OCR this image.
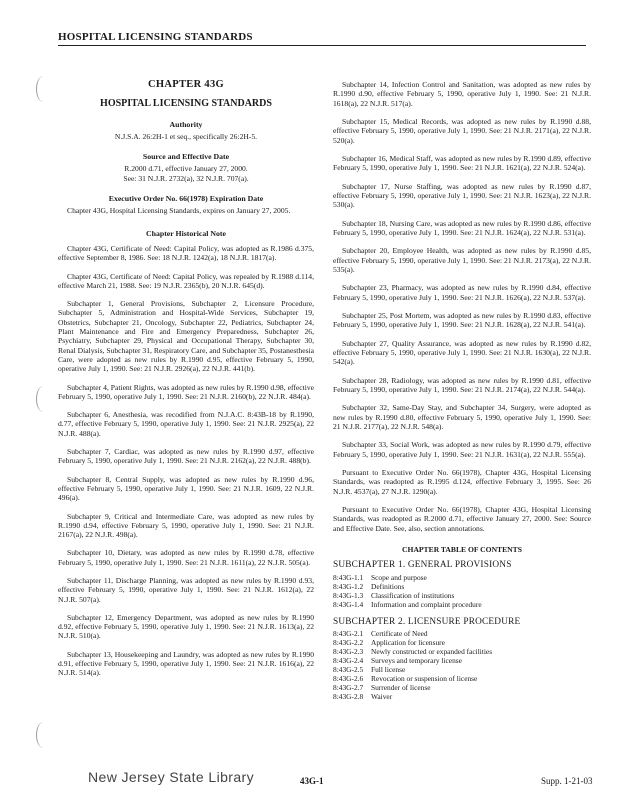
HOSPITAL LICENSING STANDARDS
CHAPTER 43G
HOSPITAL LICENSING STANDARDS
Authority
N.J.S.A. 26:2H-1 et seq., specifically 26:2H-5.
Source and Effective Date
R.2000 d.71, effective January 27, 2000.
See: 31 N.J.R. 2732(a), 32 N.J.R. 707(a).
Executive Order No. 66(1978) Expiration Date

Chapter 43G, Hospital Licensing Standards, expires on January 27, 2005.

Chapter Historical Note

Chapter 43G, Certificate of Need: Capital Policy, was adopted as R.1986 d.375, effective September 8, 1986. See: 18 N.J.R. 1242(a), 18 N.J.R. 1817(a).

Chapter 43G, Certificate of Need: Capital Policy, was repealed by R.1988 d.114, effective March 21, 1988. See: 19 N.J.R. 2365(b), 20 N.J.R. 645(d).

Subchapter 1, General Provisions, Subchapter 2, Licensure Procedure, Subchapter 5, Administration and Hospital-Wide Services, Subchapter 19, Obstetrics, Subchapter 21, Oncology, Subchapter 22, Pediatrics, Subchapter 24, Plant Maintenance and Fire and Emergency Preparedness, Subchapter 26, Psychiatry, Subchapter 29, Physical and Occupational Therapy, Subchapter 30, Renal Dialysis, Subchapter 31, Respiratory Care, and Subchapter 35, Postanesthesia Care, were adopted as new rules by R.1990 d.95, effective February 5, 1990, operative July 1, 1990. See: 21 N.J.R. 2926(a), 22 N.J.R. 441(b).

Subchapter 4, Patient Rights, was adopted as new rules by R.1990 d.98, effective February 5, 1990, operative July 1, 1990. See: 21 N.J.R. 2160(b), 22 N.J.R. 484(a).

Subchapter 6, Anesthesia, was recodified from N.J.A.C. 8:43B-18 by R.1990, d.77, effective February 5, 1990, operative July 1, 1990. See: 21 N.J.R. 2925(a), 22 N.J.R. 488(a).

Subchapter 7, Cardiac, was adopted as new rules by R.1990 d.97, effective February 5, 1990, operative July 1, 1990. See: 21 N.J.R. 2162(a), 22 N.J.R. 488(b).

Subchapter 8, Central Supply, was adopted as new rules by R.1990 d.96, effective February 5, 1990, operative July 1, 1990. See: 21 N.J.R. 1609, 22 N.J.R. 496(a).

Subchapter 9, Critical and Intermediate Care, was adopted as new rules by R.1990 d.94, effective February 5, 1990, operative July 1, 1990. See: 21 N.J.R. 2167(a), 22 N.J.R. 498(a).

Subchapter 10, Dietary, was adopted as new rules by R.1990 d.78, effective February 5, 1990, operative July 1, 1990. See: 21 N.J.R. 1611(a), 22 N.J.R. 505(a).

Subchapter 11, Discharge Planning, was adopted as new rules by R.1990 d.93, effective February 5, 1990, operative July 1, 1990. See: 21 N.J.R. 1612(a), 22 N.J.R. 507(a).

Subchapter 12, Emergency Department, was adopted as new rules by R.1990 d.92, effective February 5, 1990, operative July 1, 1990. See: 21 N.J.R. 1613(a), 22 N.J.R. 510(a).

Subchapter 13, Housekeeping and Laundry, was adopted as new rules by R.1990 d.91, effective February 5, 1990, operative July 1, 1990. See: 21 N.J.R. 1616(a), 22 N.J.R. 514(a).

Subchapter 14, Infection Control and Sanitation, was adopted as new rules by R.1990 d.90, effective February 5, 1990, operative July 1, 1990. See: 21 N.J.R. 1618(a), 22 N.J.R. 517(a).

Subchapter 15, Medical Records, was adopted as new rules by R.1990 d.88, effective February 5, 1990, operative July 1, 1990. See: 21 N.J.R. 2171(a), 22 N.J.R. 520(a).

Subchapter 16, Medical Staff, was adopted as new rules by R.1990 d.89, effective February 5, 1990, operative July 1, 1990. See: 21 N.J.R. 1621(a), 22 N.J.R. 524(a).

Subchapter 17, Nurse Staffing, was adopted as new rules by R.1990 d.87, effective February 5, 1990, operative July 1, 1990. See: 21 N.J.R. 1623(a), 22 N.J.R. 530(a).

Subchapter 18, Nursing Care, was adopted as new rules by R.1990 d.86, effective February 5, 1990, operative July 1, 1990. See: 21 N.J.R. 1624(a), 22 N.J.R. 531(a).

Subchapter 20, Employee Health, was adopted as new rules by R.1990 d.85, effective February 5, 1990, operative July 1, 1990. See: 21 N.J.R. 2173(a), 22 N.J.R. 535(a).

Subchapter 23, Pharmacy, was adopted as new rules by R.1990 d.84, effective February 5, 1990, operative July 1, 1990. See: 21 N.J.R. 1626(a), 22 N.J.R. 537(a).

Subchapter 25, Post Mortem, was adopted as new rules by R.1990 d.83, effective February 5, 1990, operative July 1, 1990. See: 21 N.J.R. 1628(a), 22 N.J.R. 541(a).

Subchapter 27, Quality Assurance, was adopted as new rules by R.1990 d.82, effective February 5, 1990, operative July 1, 1990. See: 21 N.J.R. 1630(a), 22 N.J.R. 542(a).

Subchapter 28, Radiology, was adopted as new rules by R.1990 d.81, effective February 5, 1990, operative July 1, 1990. See: 21 N.J.R. 2174(a), 22 N.J.R. 544(a).

Subchapter 32, Same-Day Stay, and Subchapter 34, Surgery, were adopted as new rules by R.1990 d.80, effective February 5, 1990, operative July 1, 1990. See: 21 N.J.R. 2177(a), 22 N.J.R. 548(a).

Subchapter 33, Social Work, was adopted as new rules by R.1990 d.79, effective February 5, 1990, operative July 1, 1990. See: 21 N.J.R. 1631(a), 22 N.J.R. 555(a).

Pursuant to Executive Order No. 66(1978), Chapter 43G, Hospital Licensing Standards, was readopted as R.1995 d.124, effective February 3, 1995. See: 26 N.J.R. 4537(a), 27 N.J.R. 1290(a).

Pursuant to Executive Order No. 66(1978), Chapter 43G, Hospital Licensing Standards, was readopted as R.2000 d.71, effective January 27, 2000. See: Source and Effective Date. See, also, section annotations.

CHAPTER TABLE OF CONTENTS
SUBCHAPTER 1. GENERAL PROVISIONS
8:43G-1.1	Scope and purpose
8:43G-1.2	Definitions
8:43G-1.3	Classification of institutions
8:43G-1.4	Information and complaint procedure
SUBCHAPTER 2. LICENSURE PROCEDURE
8:43G-2.1	Certificate of Need
8:43G-2.2	Application for licensure
8:43G-2.3	Newly constructed or expanded facilities
8:43G-2.4	Surveys and temporary license
8:43G-2.5	Full license
8:43G-2.6	Revocation or suspension of license
8:43G-2.7	Surrender of license
8:43G-2.8	Waiver
New Jersey State Library	43G-1	Supp. 1-21-03
